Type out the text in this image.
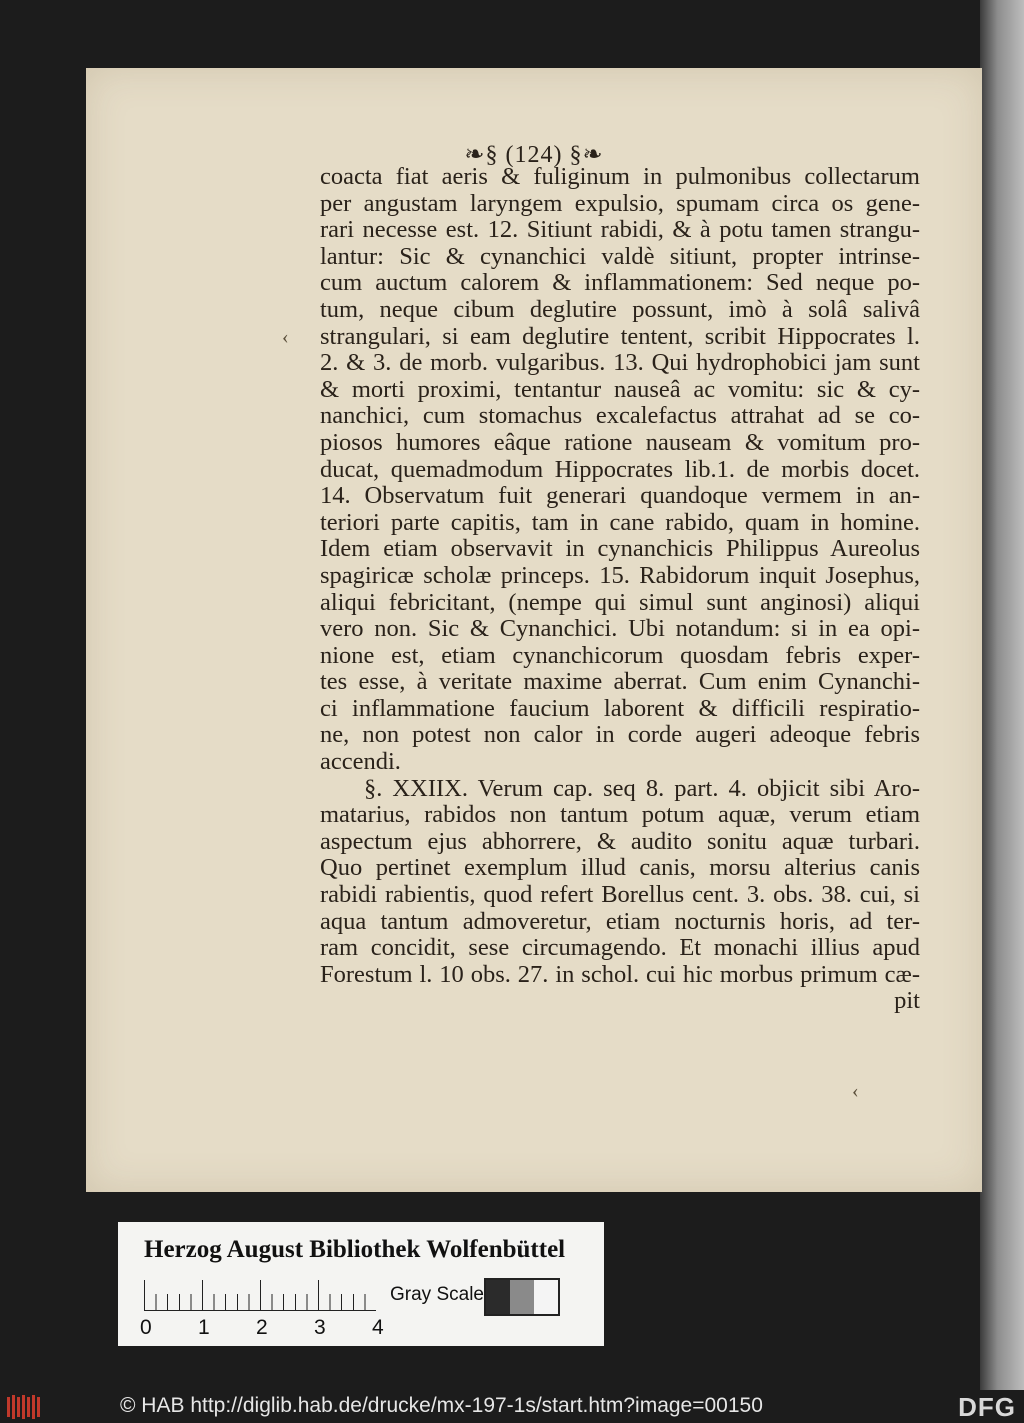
❧§ (124) §❧
‹
‹
coacta fiat aeris & fuliginum in pulmonibus collectarum
per angustam laryngem expulsio, spumam circa os gene-
rari necesse est. 12. Sitiunt rabidi, & à potu tamen strangu-
lantur: Sic & cynanchici valdè sitiunt, propter intrinse-
cum auctum calorem & inflammationem: Sed neque po-
tum, neque cibum deglutire possunt, imò à solâ salivâ
strangulari, si eam deglutire tentent, scribit Hippocrates l.
2. & 3. de morb. vulgaribus. 13. Qui hydrophobici jam sunt
& morti proximi, tentantur nauseâ ac vomitu: sic & cy-
nanchici, cum stomachus excalefactus attrahat ad se co-
piosos humores eâque ratione nauseam & vomitum pro-
ducat, quemadmodum Hippocrates lib.1. de morbis docet.
14. Observatum fuit generari quandoque vermem in an-
teriori parte capitis, tam in cane rabido, quam in homine.
Idem etiam observavit in cynanchicis Philippus Aureolus
spagiricæ scholæ princeps. 15. Rabidorum inquit Josephus,
aliqui febricitant, (nempe qui simul sunt anginosi) aliqui
vero non. Sic & Cynanchici. Ubi notandum: si in ea opi-
nione est, etiam cynanchicorum quosdam febris exper-
tes esse, à veritate maxime aberrat. Cum enim Cynanchi-
ci inflammatione faucium laborent & difficili respiratio-
ne, non potest non calor in corde augeri adeoque febris
accendi.
§. XXIIX. Verum cap. seq 8. part. 4. objicit sibi Aro-
matarius, rabidos non tantum potum aquæ, verum etiam
aspectum ejus abhorrere, & audito sonitu aquæ turbari.
Quo pertinet exemplum illud canis, morsu alterius canis
rabidi rabientis, quod refert Borellus cent. 3. obs. 38. cui, si
aqua tantum admoveretur, etiam nocturnis horis, ad ter-
ram concidit, sese circumagendo. Et monachi illius apud
Forestum l. 10 obs. 27. in schol. cui hic morbus primum cæ-
pit
Herzog August Bibliothek Wolfenbüttel
0 1 2 3 4
Gray Scale
© HAB http://diglib.hab.de/drucke/mx-197-1s/start.htm?image=00150	DFG
